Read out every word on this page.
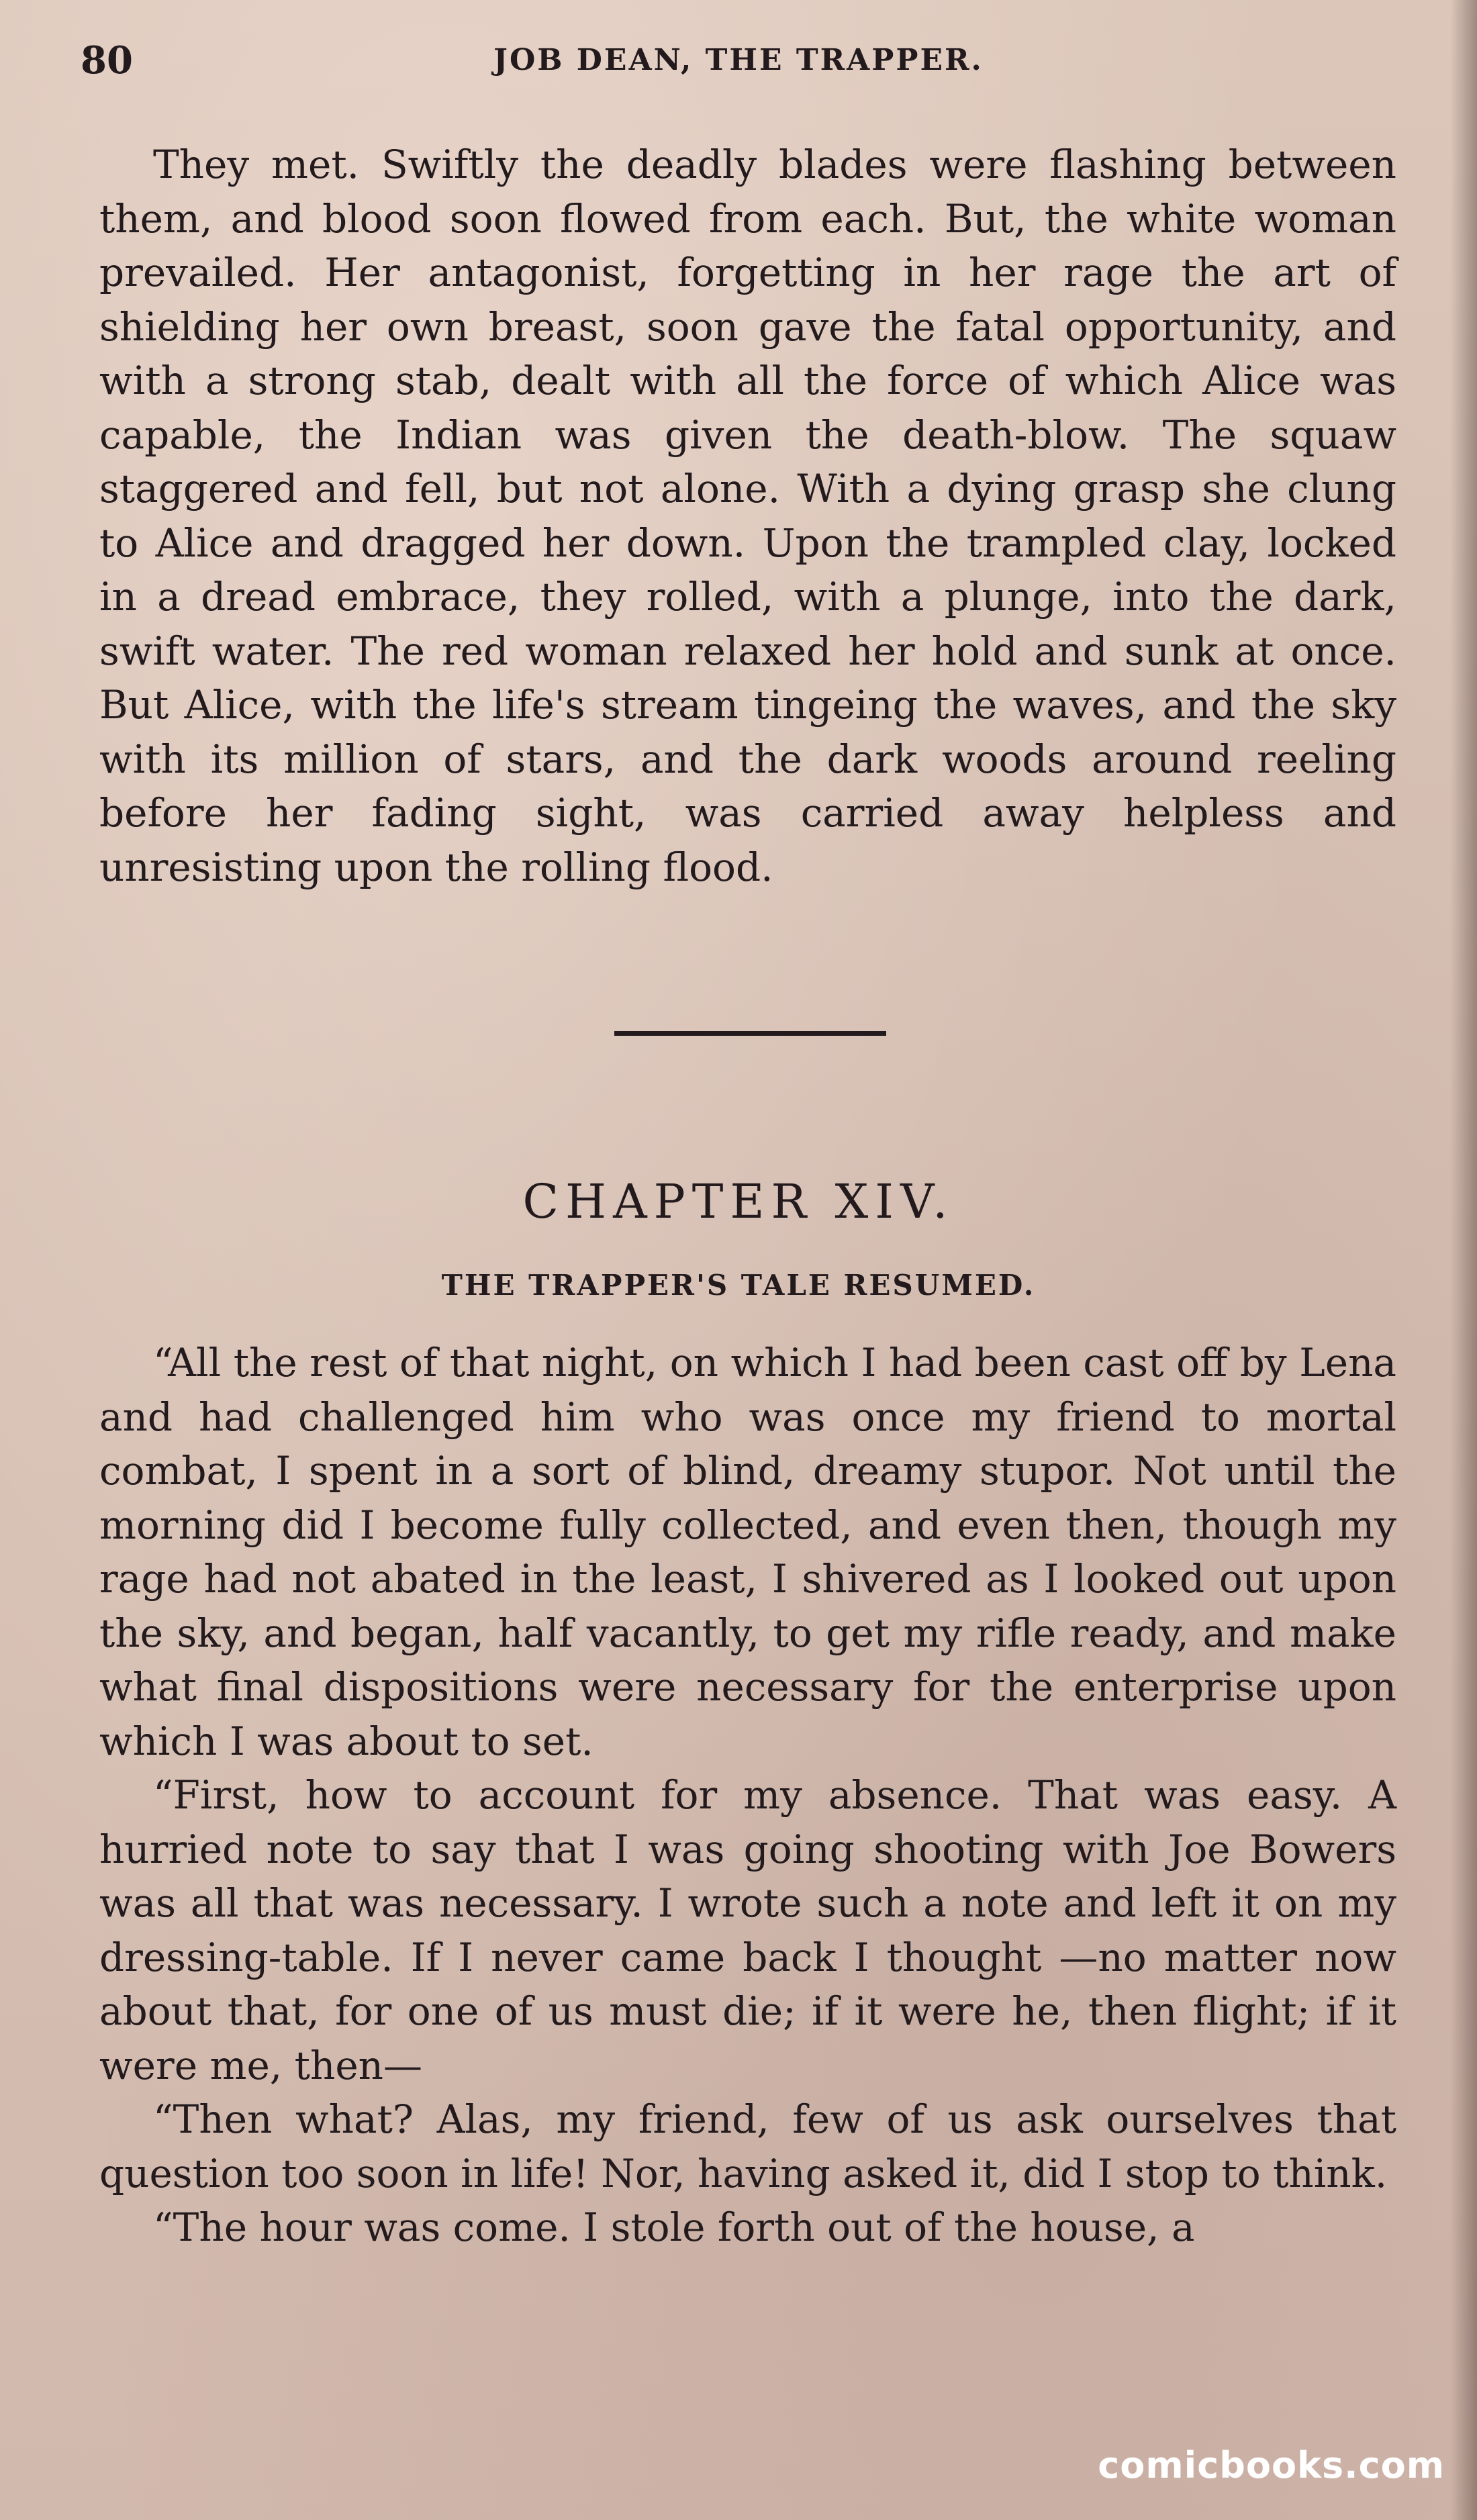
80	JOB DEAN, THE TRAPPER.

They met. Swiftly the deadly blades were flashing between them, and blood soon flowed from each. But, the white woman prevailed. Her antagonist, forgetting in her rage the art of shielding her own breast, soon gave the fatal opportunity, and with a strong stab, dealt with all the force of which Alice was capable, the Indian was given the death-blow. The squaw staggered and fell, but not alone. With a dying grasp she clung to Alice and dragged her down. Upon the trampled clay, locked in a dread embrace, they rolled, with a plunge, into the dark, swift water. The red woman relaxed her hold and sunk at once. But Alice, with the life's stream tingeing the waves, and the sky with its million of stars, and the dark woods around reeling before her fading sight, was carried away helpless and unresisting upon the rolling flood.

CHAPTER XIV.
THE TRAPPER'S TALE RESUMED.

“All the rest of that night, on which I had been cast off by Lena and had challenged him who was once my friend to mortal combat, I spent in a sort of blind, dreamy stupor. Not until the morning did I become fully collected, and even then, though my rage had not abated in the least, I shivered as I looked out upon the sky, and began, half vacantly, to get my rifle ready, and make what final dispositions were necessary for the enterprise upon which I was about to set.

“First, how to account for my absence. That was easy. A hurried note to say that I was going shooting with Joe Bowers was all that was necessary. I wrote such a note and left it on my dressing-table. If I never came back I thought —no matter now about that, for one of us must die; if it were he, then flight; if it were me, then—

“Then what? Alas, my friend, few of us ask ourselves that question too soon in life! Nor, having asked it, did I stop to think.

“The hour was come. I stole forth out of the house, a

comicbooks.com
